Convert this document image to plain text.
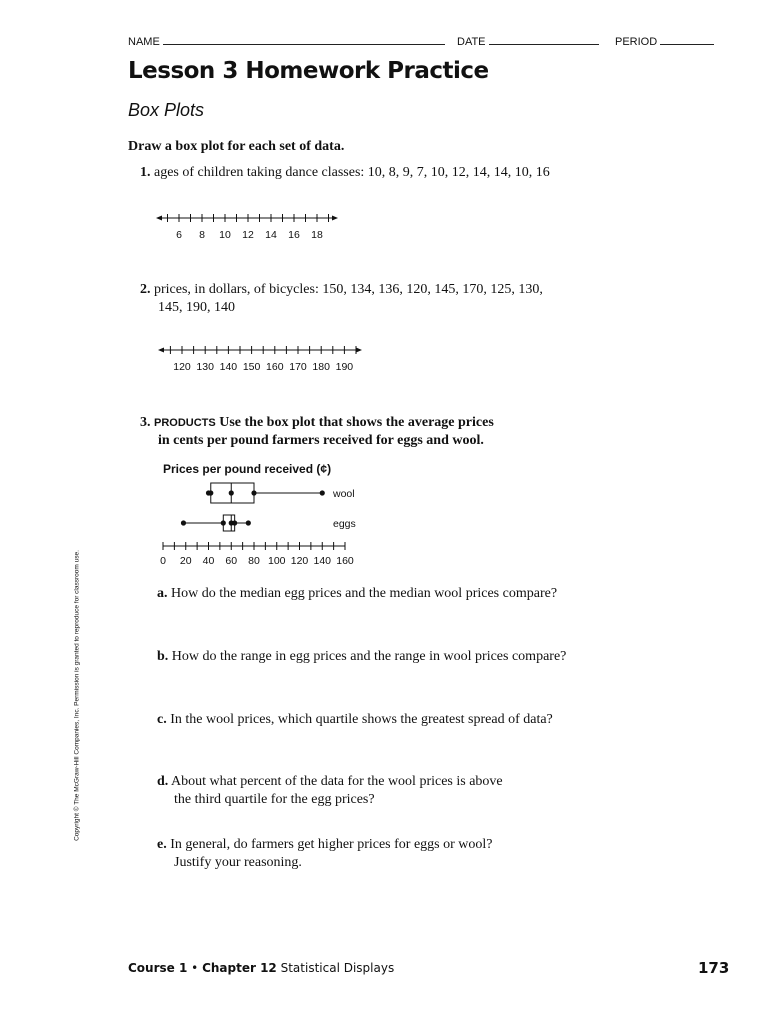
NAME	DATE	PERIOD
Lesson 3 Homework Practice
Box Plots
Draw a box plot for each set of data.
1. ages of children taking dance classes: 10, 8, 9, 7, 10, 12, 14, 14, 10, 16
6 8 10 12 14 16 18
2. prices, in dollars, of bicycles: 150, 134, 136, 120, 145, 170, 125, 130,
145, 190, 140
120 130 140 150 160 170 180 190
3. PRODUCTS Use the box plot that shows the average prices
in cents per pound farmers received for eggs and wool.
Prices per pound received (¢)
wool
eggs
0 20 40 60 80 100 120 140 160
a. How do the median egg prices and the median wool prices compare?
b. How do the range in egg prices and the range in wool prices compare?
c. In the wool prices, which quartile shows the greatest spread of data?
d. About what percent of the data for the wool prices is above
the third quartile for the egg prices?
e. In general, do farmers get higher prices for eggs or wool?
Justify your reasoning.
Copyright © The McGraw-Hill Companies, Inc. Permission is granted to reproduce for classroom use.
Course 1 • Chapter 12 Statistical Displays	173
